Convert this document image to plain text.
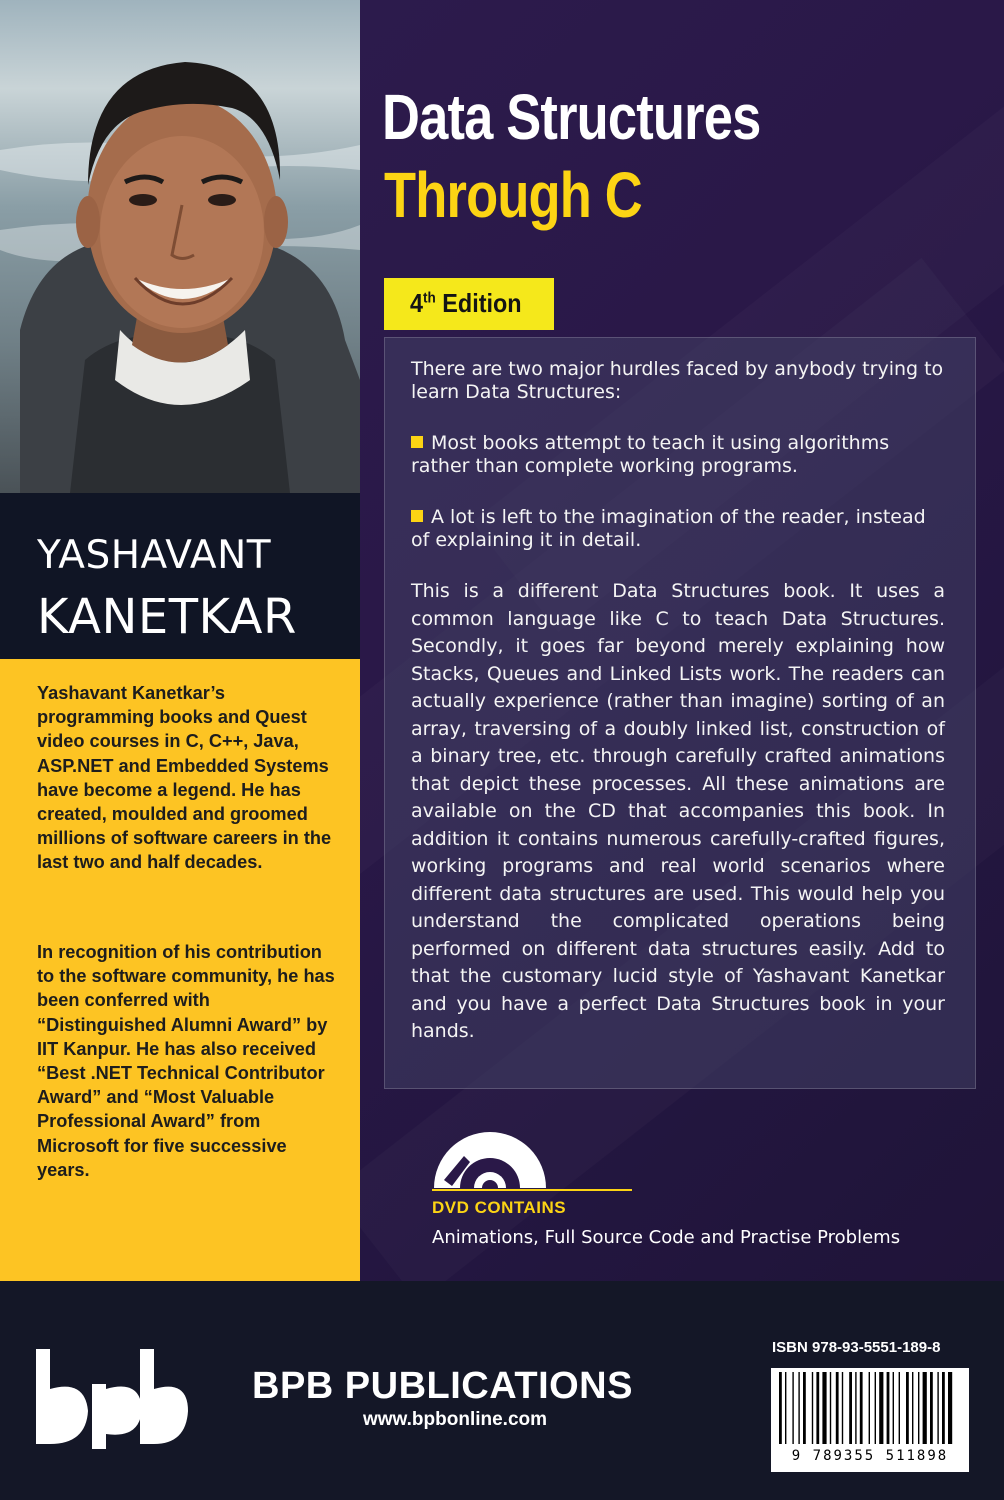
YASHAVANT
KANETKAR

Yashavant Kanetkar’s programming books and Quest video courses in C, C++, Java, ASP.NET and Embedded Systems have become a legend. He has created, moulded and groomed millions of software careers in the last two and half decades.

In recognition of his contribution to the software community, he has been conferred with “Distinguished Alumni Award” by IIT Kanpur. He has also received “Best .NET Technical Contributor Award” and “Most Valuable Professional Award” from Microsoft for five successive years.

Data Structures
Through C
4th Edition

There are two major hurdles faced by anybody trying to learn Data Structures:

Most books attempt to teach it using algorithms rather than complete working programs.

A lot is left to the imagination of the reader, instead of explaining it in detail.

This is a different Data Structures book. It uses a common language like C to teach Data Structures. Secondly, it goes far beyond merely explaining how Stacks, Queues and Linked Lists work. The readers can actually experience (rather than imagine) sorting of an array, traversing of a doubly linked list, construction of a binary tree, etc. through carefully crafted animations that depict these processes. All these animations are available on the CD that accompanies this book. In addition it contains numerous carefully-crafted figures, working programs and real world scenarios where different data structures are used. This would help you understand the complicated operations being performed on different data structures easily. Add to that the customary lucid style of Yashavant Kanetkar and you have a perfect Data Structures book in your hands.

DVD CONTAINS
Animations, Full Source Code and Practise Problems
BPB PUBLICATIONS
www.bpbonline.com
ISBN 978-93-5551-189-8
9 789355 511898
